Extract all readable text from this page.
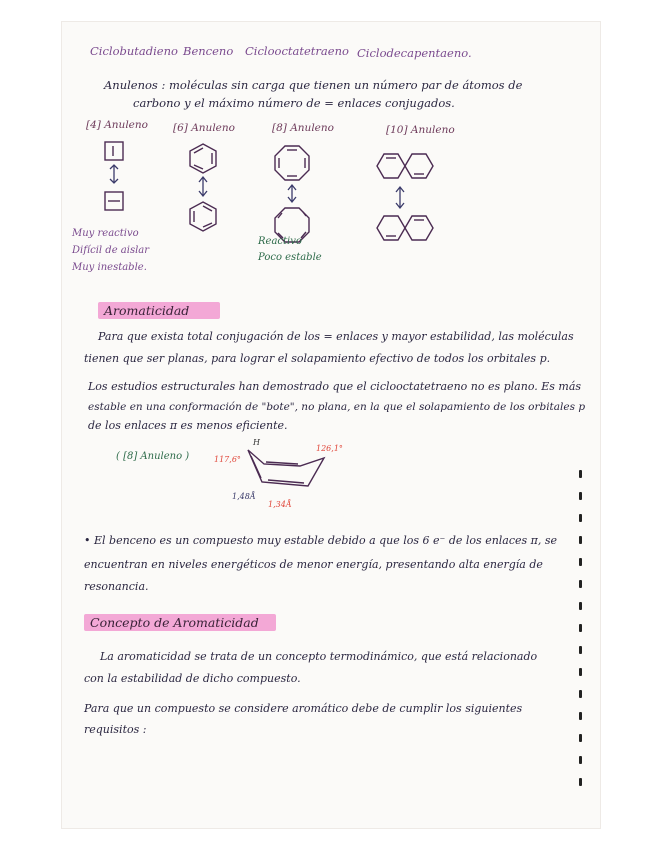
Ciclobutadieno Benceno Ciclooctatetraeno Ciclodecapentaeno.
Anulenos : moléculas sin carga que tienen un número par de átomos de
carbono y el máximo número de = enlaces conjugados.
[4] Anuleno [6] Anuleno	[8] Anuleno	[10] Anuleno
Muy reactivo
Difícil de aislar
Muy inestable.
Reactivo
Poco estable
Aromaticidad
Para que exista total conjugación de los = enlaces y mayor estabilidad, las moléculas
tienen que ser planas, para lograr el solapamiento efectivo de todos los orbitales p.
Los estudios estructurales han demostrado que el ciclooctatetraeno no es plano. Es más
estable en una conformación de "bote", no plana, en la que el solapamiento de los orbitales p
de los enlaces π es menos eficiente.
( [8] Anuleno )
H
117,6°
126,1°
1,48Å
1,34Å
• El benceno es un compuesto muy estable debido a que los 6 e⁻ de los enlaces π, se
encuentran en niveles energéticos de menor energía, presentando alta energía de
resonancia.
Concepto de Aromaticidad
La aromaticidad se trata de un concepto termodinámico, que está relacionado
con la estabilidad de dicho compuesto.
Para que un compuesto se considere aromático debe de cumplir los siguientes
requisitos :
